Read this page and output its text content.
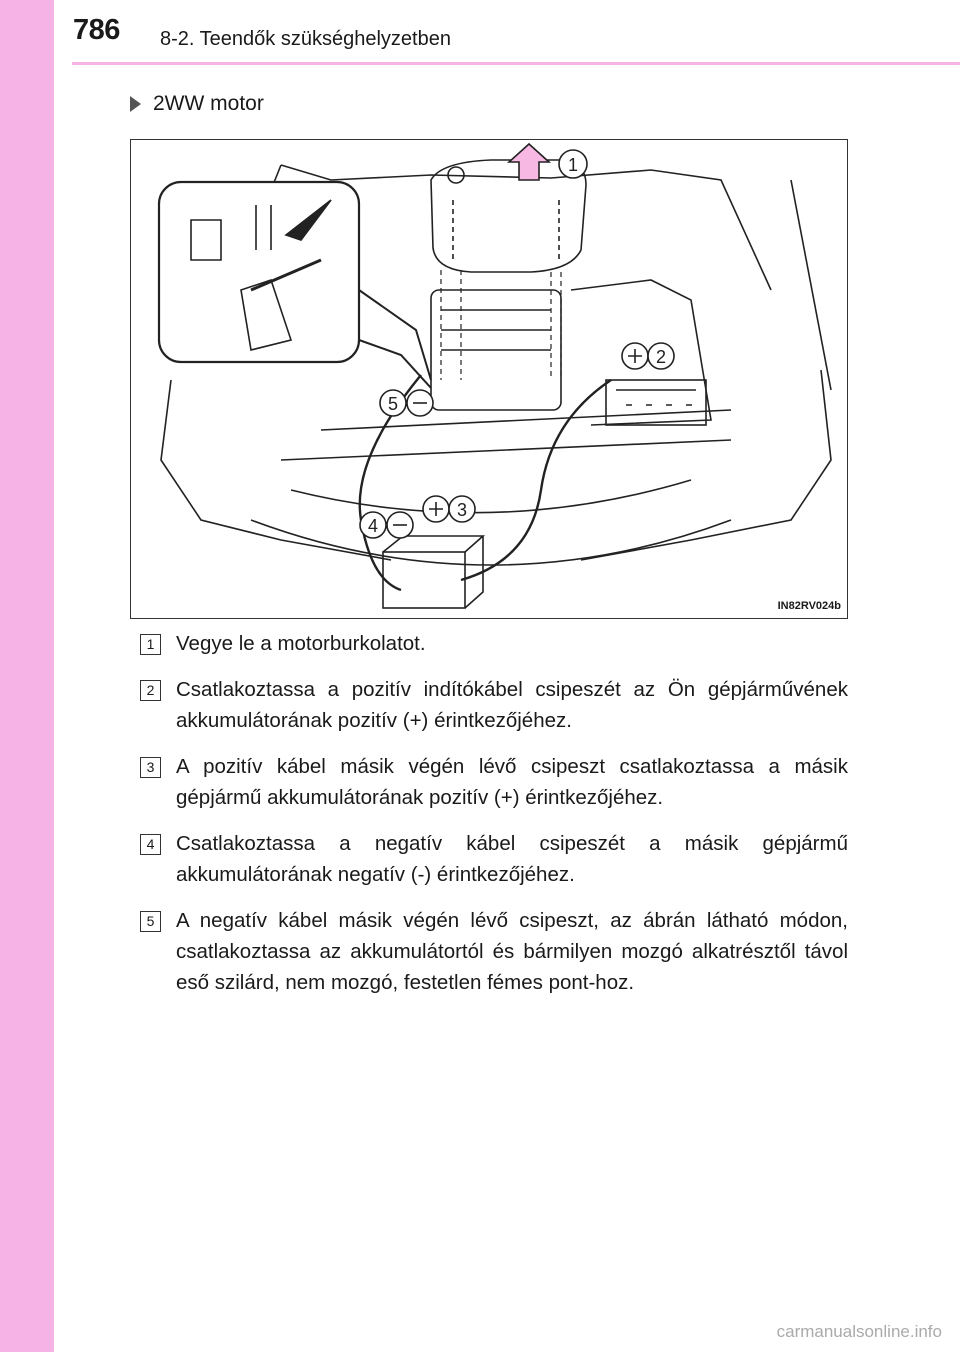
786 8-2. Teendők szükséghelyzetben
2WW motor
1
2
3
4
5
IN82RV024b
1	Vegye le a motorburkolatot.
2	Csatlakoztassa a pozitív indítókábel csipeszét az Ön gépjárművének akkumulátorának pozitív (+) érintkezőjéhez.
3	A pozitív kábel másik végén lévő csipeszt csatlakoztassa a másik gépjármű akkumulátorának pozitív (+) érintkezőjéhez.
4	Csatlakoztassa a negatív kábel csipeszét a másik gépjármű akkumulátorának negatív (-) érintkezőjéhez.
5	A negatív kábel másik végén lévő csipeszt, az ábrán látható módon, csatlakoztassa az akkumulátortól és bármilyen mozgó alkatrésztől távol eső szilárd, nem mozgó, festetlen fémes pont-hoz.
carmanualsonline.info
